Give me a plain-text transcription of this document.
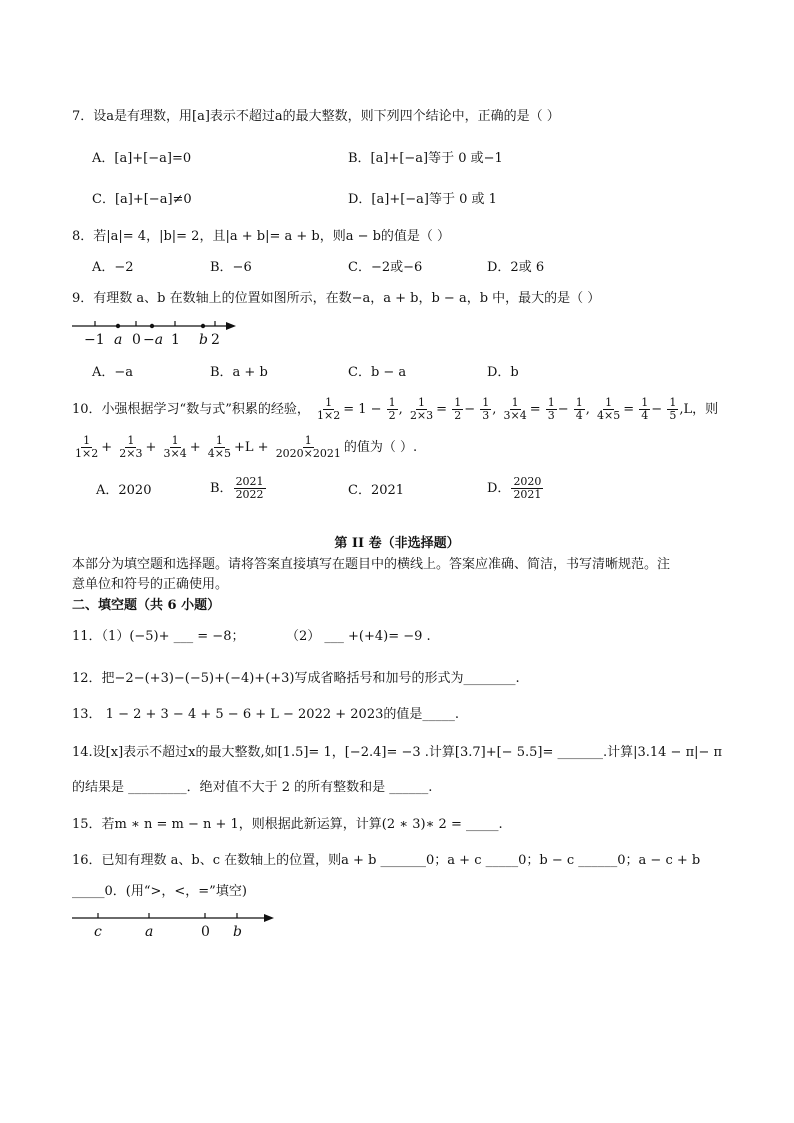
7．设a是有理数，用[a]表示不超过a的最大整数，则下列四个结论中，正确的是（ ）
A．[a]+[−a]=0	B．[a]+[−a]等于 0 或−1
C．[a]+[−a]≠0	D．[a]+[−a]等于 0 或 1
8．若|a|= 4，|b|= 2，且|a + b|= a + b，则a − b的值是（ ）
A．−2	B．−6	C．−2或−6	D．2或 6
9．有理数 a、b 在数轴上的位置如图所示，在数−a，a + b，b − a，b 中，最大的是（ ）
−1 a 0 −a 1 b 2
A．−a	B．a + b	C．b − a	D．b
10．小强根据学习“数与式”积累的经验， $\frac{1}{1\times 2} = 1 - \frac{1}{2}$ , $\frac{1}{2\times 3} = \frac{1}{2} - \frac{1}{3}$ , $\frac{1}{3\times 4} = \frac{1}{3} - \frac{1}{4}$ , $\frac{1}{4\times 5} = \frac{1}{4} - \frac{1}{5} ,L$，则
$\frac{1}{1\times 2} + \frac{1}{2\times 3} + \frac{1}{3\times 4} + \frac{1}{4\times 5} +L + \frac{1}{2020\times 2021}$ 的值为（ ）.
A．2020	B． $\frac{2021}{2022}$	C．2021	D． $\frac{2020}{2021}$
第 II 卷（非选择题）
本部分为填空题和选择题。请将答案直接填写在题目中的横线上。答案应准确、简洁，书写清晰规范。注
意单位和符号的正确使用。
二、填空题（共 6 小题）
11．（1）(−5)+ ___ = −8；	（2） ___ +(+4)= −9 .
12．把−2−(+3)−(−5)+(−4)+(+3)写成省略括号和加号的形式为________.
13． 1 − 2 + 3 − 4 + 5 − 6 + L − 2022 + 2023的值是_____.
14.设[x]表示不超过x的最大整数,如[1.5]= 1，[−2.4]= −3 .计算[3.7]+[− 5.5]= _______.计算|3.14 − π|− π
的结果是 _________．绝对值不大于 2 的所有整数和是 ______.
15．若m ∗ n = m − n + 1，则根据此新运算，计算(2 ∗ 3)∗ 2 = _____.
16．已知有理数 a、b、c 在数轴上的位置，则a + b _______0；a + c _____0；b − c ______0；a − c + b
_____0．(用“>，<，=”填空)
c	a	0 b
